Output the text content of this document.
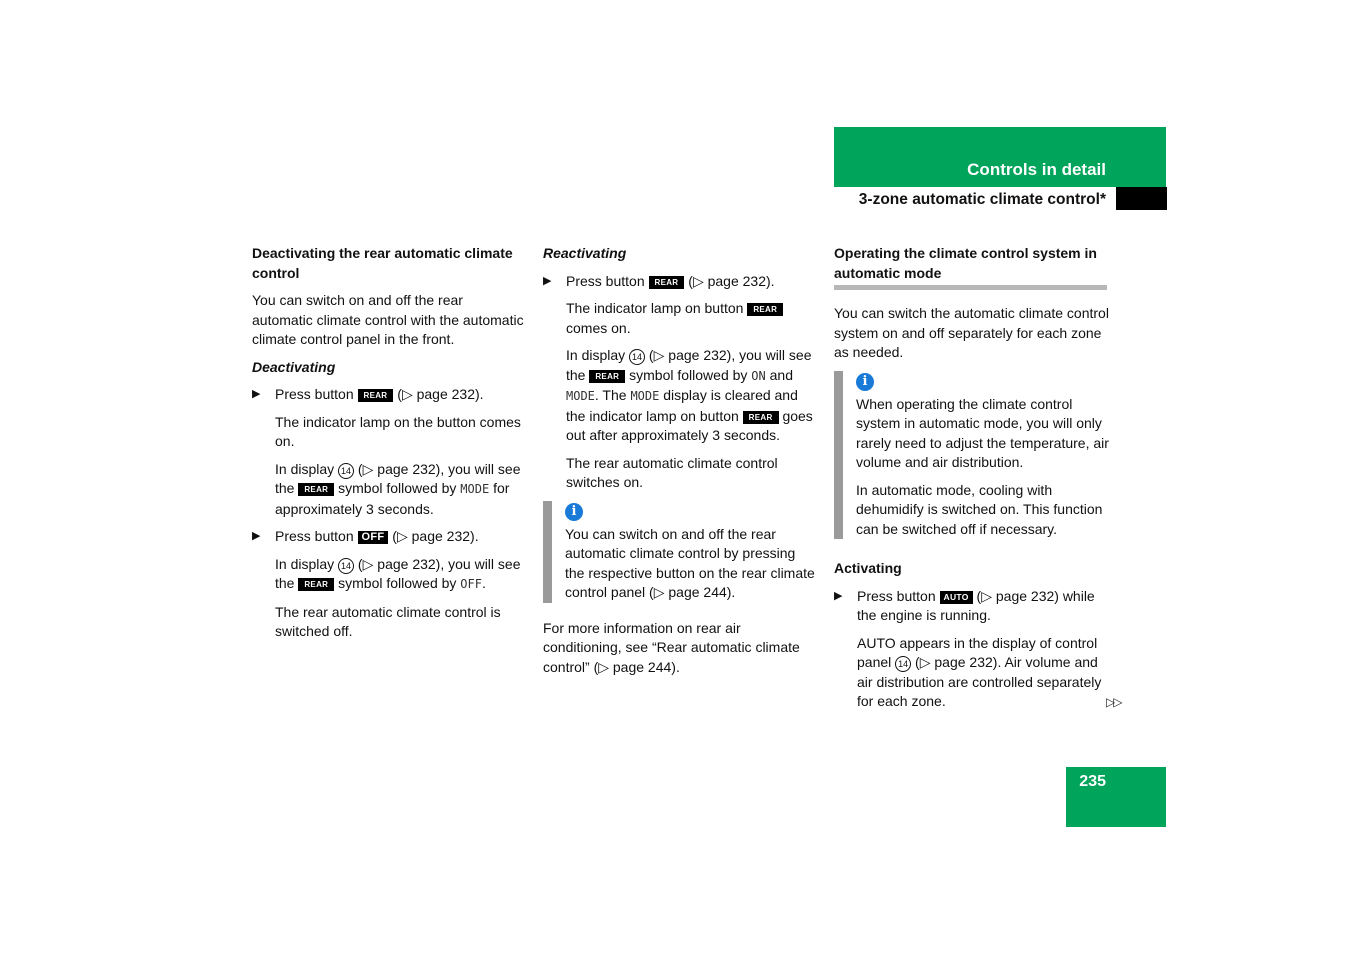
Controls in detail
3-zone automatic climate control*
Deactivating the rear automatic climate control

You can switch on and off the rear automatic climate control with the automatic climate control panel in the front.

Deactivating
▶ Press button REAR (▷ page 232).

The indicator lamp on the button comes on.

In display 14 (▷ page 232), you will see the REAR symbol followed by MODE for approximately 3 seconds.

▶ Press button OFF (▷ page 232).

In display 14 (▷ page 232), you will see the REAR symbol followed by OFF.

The rear automatic climate control is switched off.

Reactivating
▶ Press button REAR (▷ page 232).

The indicator lamp on button REAR comes on.

In display 14 (▷ page 232), you will see the REAR symbol followed by ON and MODE. The MODE display is cleared and the indicator lamp on button REAR goes out after approximately 3 seconds.

The rear automatic climate control switches on.

i

You can switch on and off the rear automatic climate control by pressing the respective button on the rear climate control panel (▷ page 244).

For more information on rear air conditioning, see “Rear automatic climate control” (▷ page 244).

Operating the climate control system in automatic mode

You can switch the automatic climate control system on and off separately for each zone as needed.

i

When operating the climate control system in automatic mode, you will only rarely need to adjust the temperature, air volume and air distribution.

In automatic mode, cooling with dehumidify is switched on. This function can be switched off if necessary.

Activating
▶ Press button AUTO (▷ page 232) while the engine is running.

AUTO appears in the display of control panel 14 (▷ page 232). Air volume and air distribution are controlled separately for each zone.	▷▷
235
